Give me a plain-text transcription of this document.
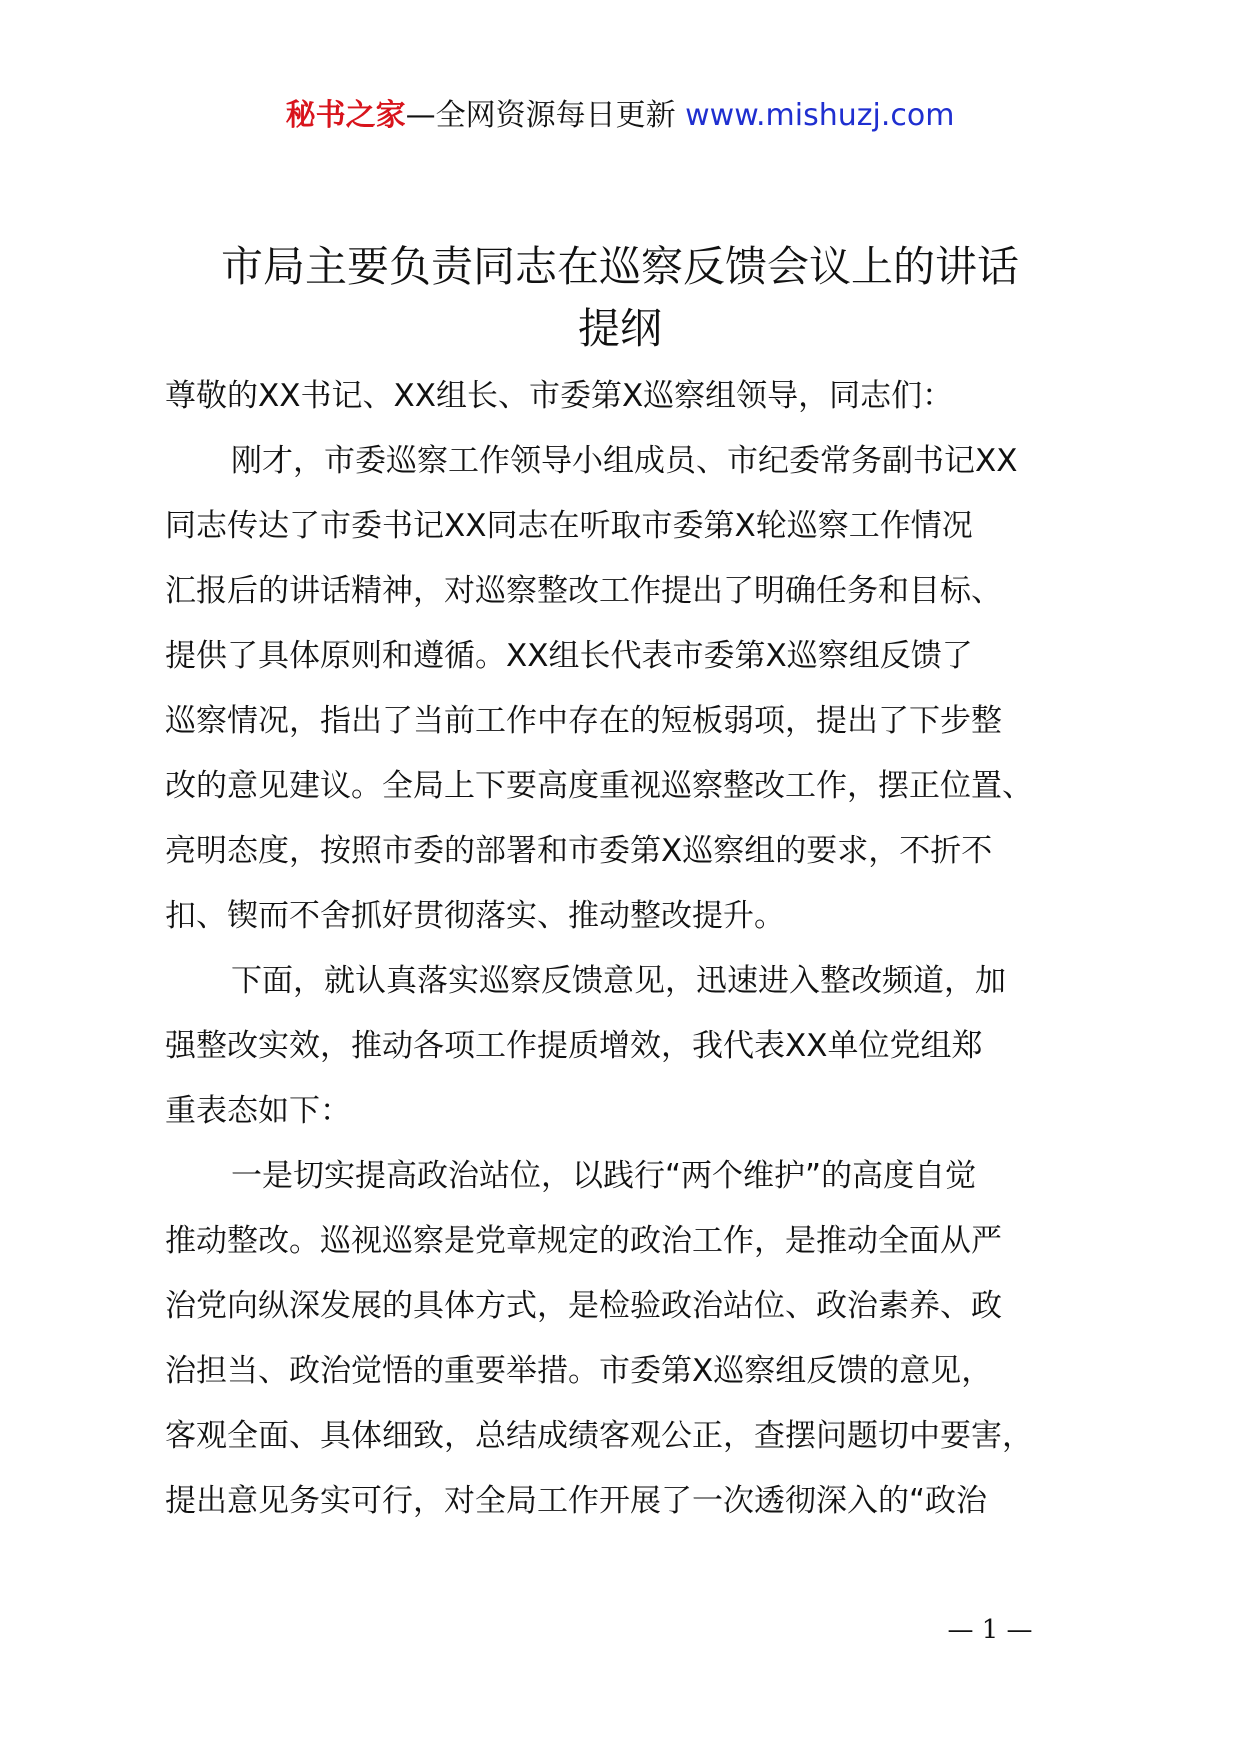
秘书之家—全网资源每日更新 www.mishuzj.com
市局主要负责同志在巡察反馈会议上的讲话
提纲
尊敬的XX书记、XX组长、市委第X巡察组领导，同志们：
刚才，市委巡察工作领导小组成员、市纪委常务副书记XX
同志传达了市委书记XX同志在听取市委第X轮巡察工作情况
汇报后的讲话精神，对巡察整改工作提出了明确任务和目标、
提供了具体原则和遵循。XX组长代表市委第X巡察组反馈了
巡察情况，指出了当前工作中存在的短板弱项，提出了下步整
改的意见建议。全局上下要高度重视巡察整改工作，摆正位置、
亮明态度，按照市委的部署和市委第X巡察组的要求，不折不
扣、锲而不舍抓好贯彻落实、推动整改提升。
下面，就认真落实巡察反馈意见，迅速进入整改频道，加
强整改实效，推动各项工作提质增效，我代表XX单位党组郑
重表态如下：
一是切实提高政治站位，以践行“两个维护”的高度自觉
推动整改。巡视巡察是党章规定的政治工作，是推动全面从严
治党向纵深发展的具体方式，是检验政治站位、政治素养、政
治担当、政治觉悟的重要举措。市委第X巡察组反馈的意见，
客观全面、具体细致，总结成绩客观公正，查摆问题切中要害，
提出意见务实可行，对全局工作开展了一次透彻深入的“政治
— 1 —
